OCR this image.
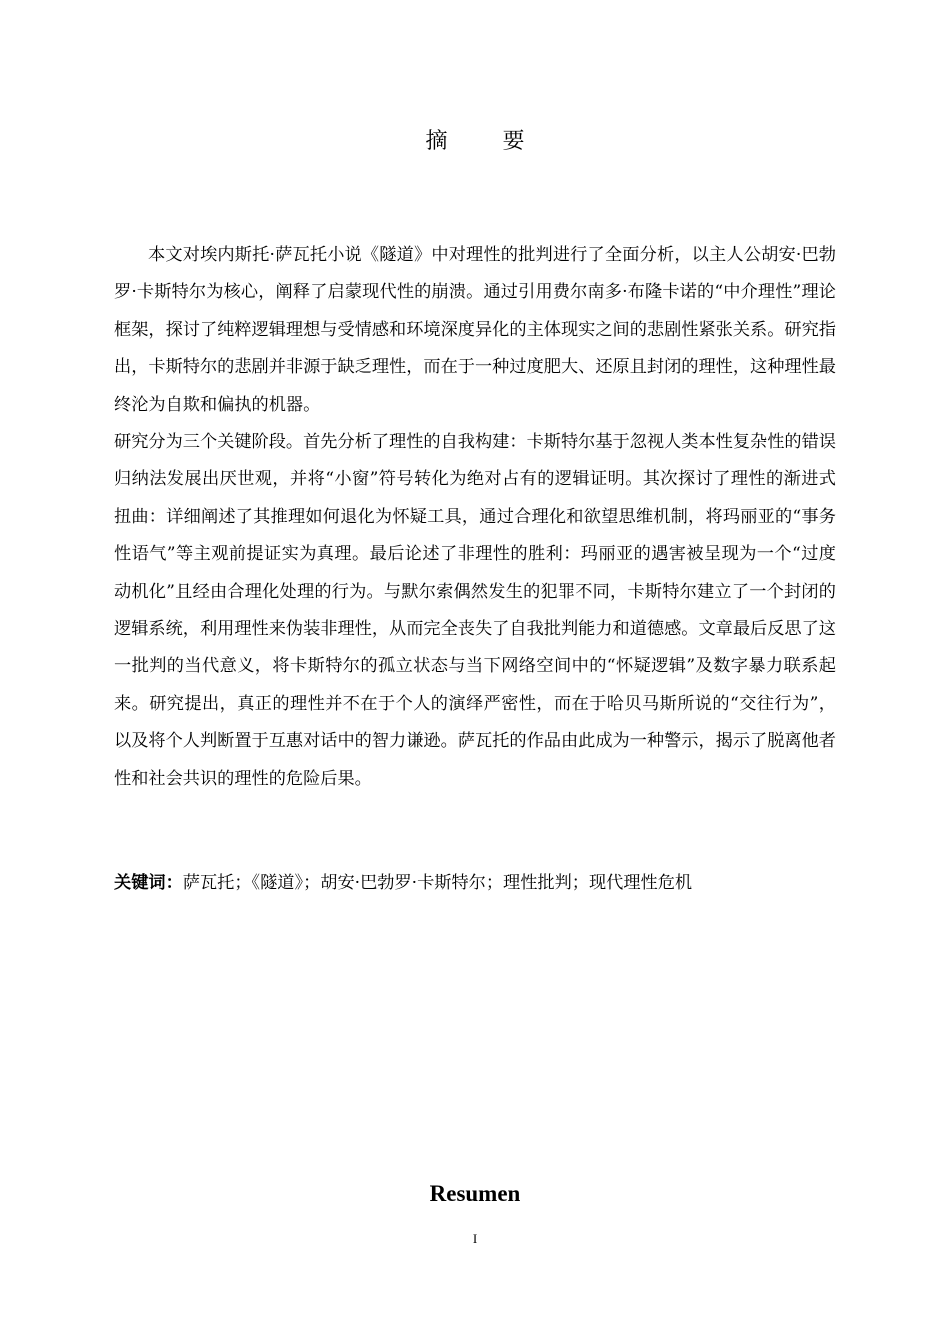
摘 要

本文对埃内斯托·萨瓦托小说《隧道》中对理性的批判进行了全面分析，以主人公胡安·巴勃罗·卡斯特尔为核心，阐释了启蒙现代性的崩溃。通过引用费尔南多·布隆卡诺的“中介理性”理论框架，探讨了纯粹逻辑理想与受情感和环境深度异化的主体现实之间的悲剧性紧张关系。研究指出，卡斯特尔的悲剧并非源于缺乏理性，而在于一种过度肥大、还原且封闭的理性，这种理性最终沦为自欺和偏执的机器。

研究分为三个关键阶段。首先分析了理性的自我构建：卡斯特尔基于忽视人类本性复杂性的错误归纳法发展出厌世观，并将“小窗”符号转化为绝对占有的逻辑证明。其次探讨了理性的渐进式扭曲：详细阐述了其推理如何退化为怀疑工具，通过合理化和欲望思维机制，将玛丽亚的“事务性语气”等主观前提证实为真理。最后论述了非理性的胜利：玛丽亚的遇害被呈现为一个“过度动机化”且经由合理化处理的行为。与默尔索偶然发生的犯罪不同，卡斯特尔建立了一个封闭的逻辑系统，利用理性来伪装非理性，从而完全丧失了自我批判能力和道德感。文章最后反思了这一批判的当代意义，将卡斯特尔的孤立状态与当下网络空间中的“怀疑逻辑”及数字暴力联系起来。研究提出，真正的理性并不在于个人的演绎严密性，而在于哈贝马斯所说的“交往行为”，以及将个人判断置于互惠对话中的智力谦逊。萨瓦托的作品由此成为一种警示，揭示了脱离他者性和社会共识的理性的危险后果。

关键词：萨瓦托；《隧道》；胡安·巴勃罗·卡斯特尔；理性批判；现代理性危机
Resumen
I
